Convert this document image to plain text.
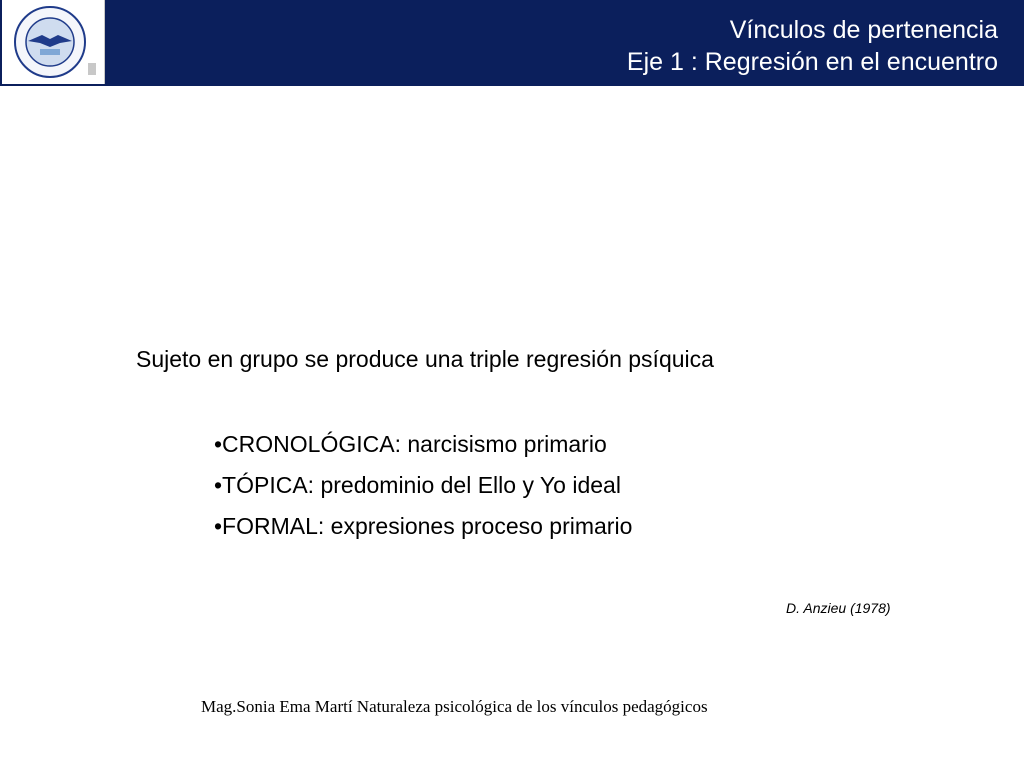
Vínculos de pertenencia
Eje 1 : Regresión en el encuentro
Sujeto en grupo se produce una triple regresión psíquica
•CRONOLÓGICA: narcisismo primario
•TÓPICA: predominio del Ello y Yo ideal
•FORMAL: expresiones proceso primario
D. Anzieu (1978)
Mag.Sonia Ema Martí Naturaleza psicológica de los vínculos pedagógicos
